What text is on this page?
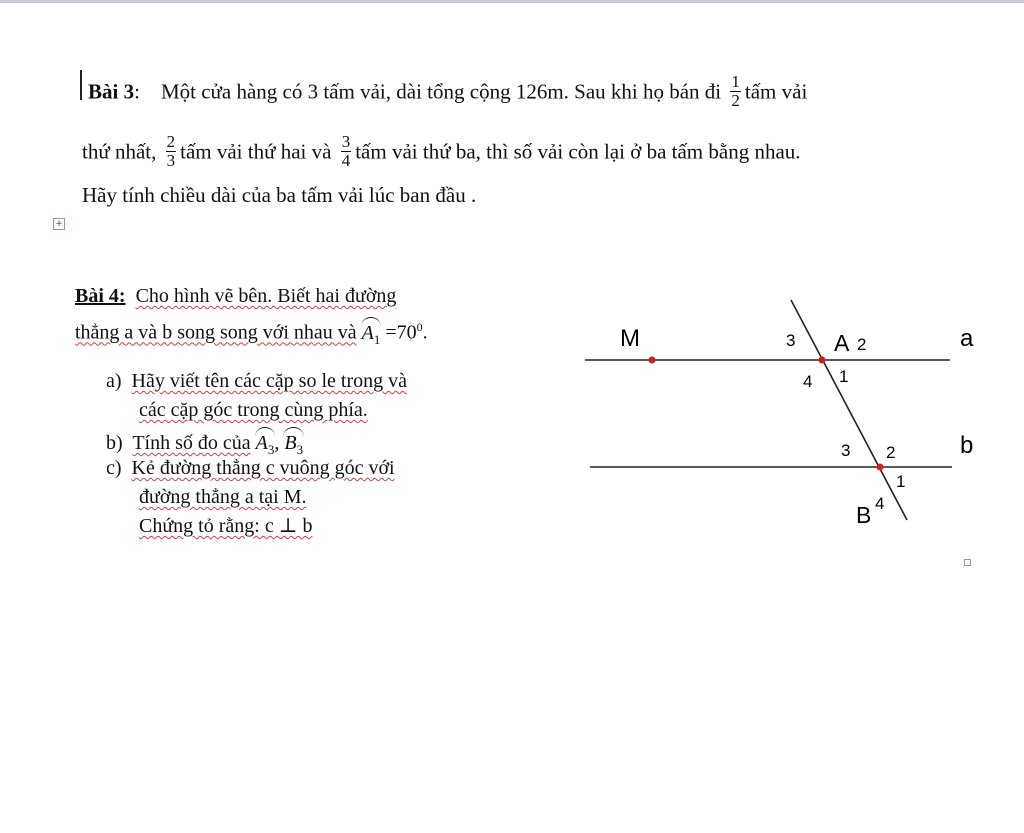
Bài 3: Một cửa hàng có 3 tấm vải, dài tổng cộng 126m. Sau khi họ bán đi $\frac{1}{2}$ tấm vải
thứ nhất, $\frac{2}{3}$ tấm vải thứ hai và $\frac{3}{4}$ tấm vải thứ ba, thì số vải còn lại ở ba tấm bằng nhau.
Hãy tính chiều dài của ba tấm vải lúc ban đầu .
+
Bài 4: Cho hình vẽ bên. Biết hai đường
thẳng a và b song song với nhau và $A_1 =70^0$.
a) Hãy viết tên các cặp so le trong và
các cặp góc trong cùng phía.
b) Tính số đo của $A_3$, $B_3$
c) Kẻ đường thẳng c vuông góc với
đường thẳng a tại M.
Chứng tỏ rằng: c ⊥ b
M	a
b
A 2
3
4 1
B 4
3 2
1
